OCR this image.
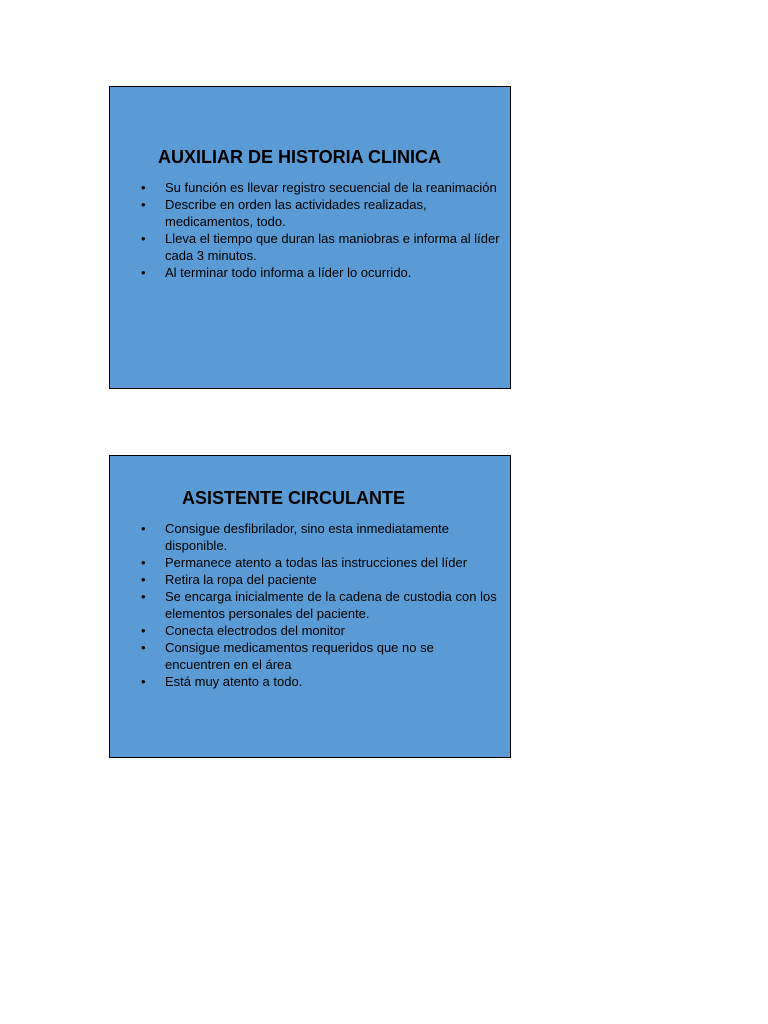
AUXILIAR DE HISTORIA CLINICA
• Su función es llevar registro secuencial de la reanimación
• Describe en orden las actividades realizadas, medicamentos, todo.
• Lleva el tiempo que duran las maniobras e informa al líder cada 3 minutos.
• Al terminar todo informa a líder lo ocurrido.
ASISTENTE CIRCULANTE
• Consigue desfibrilador, sino esta inmediatamente disponible.
• Permanece atento a todas las instrucciones del líder
• Retira la ropa del paciente
• Se encarga inicialmente de la cadena de custodia con los elementos personales del paciente.
• Conecta electrodos del monitor
• Consigue medicamentos requeridos que no se encuentren en el área
• Está muy atento a todo.
